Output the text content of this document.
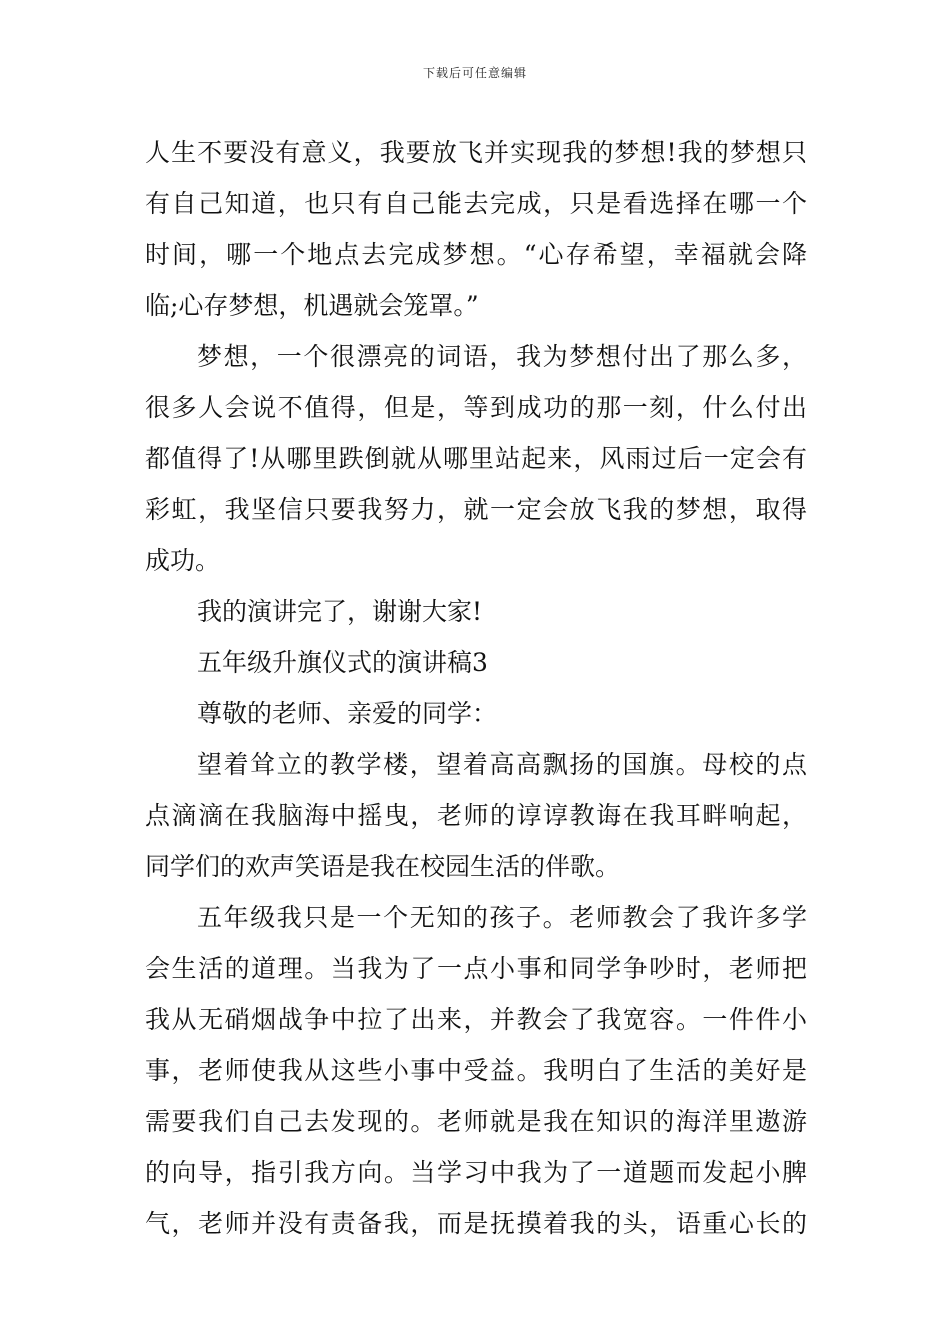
下载后可任意编辑
人生不要没有意义，我要放飞并实现我的梦想!我的梦想只
有自己知道，也只有自己能去完成，只是看选择在哪一个
时间，哪一个地点去完成梦想。“心存希望，幸福就会降
临;心存梦想，机遇就会笼罩。”
梦想，一个很漂亮的词语，我为梦想付出了那么多，
很多人会说不值得，但是，等到成功的那一刻，什么付出
都值得了!从哪里跌倒就从哪里站起来，风雨过后一定会有
彩虹，我坚信只要我努力，就一定会放飞我的梦想，取得
成功。
我的演讲完了，谢谢大家!
五年级升旗仪式的演讲稿3
尊敬的老师、亲爱的同学：
望着耸立的教学楼，望着高高飘扬的国旗。母校的点
点滴滴在我脑海中摇曳，老师的谆谆教诲在我耳畔响起，
同学们的欢声笑语是我在校园生活的伴歌。
五年级我只是一个无知的孩子。老师教会了我许多学
会生活的道理。当我为了一点小事和同学争吵时，老师把
我从无硝烟战争中拉了出来，并教会了我宽容。一件件小
事，老师使我从这些小事中受益。我明白了生活的美好是
需要我们自己去发现的。老师就是我在知识的海洋里遨游
的向导，指引我方向。当学习中我为了一道题而发起小脾
气，老师并没有责备我，而是抚摸着我的头，语重心长的
